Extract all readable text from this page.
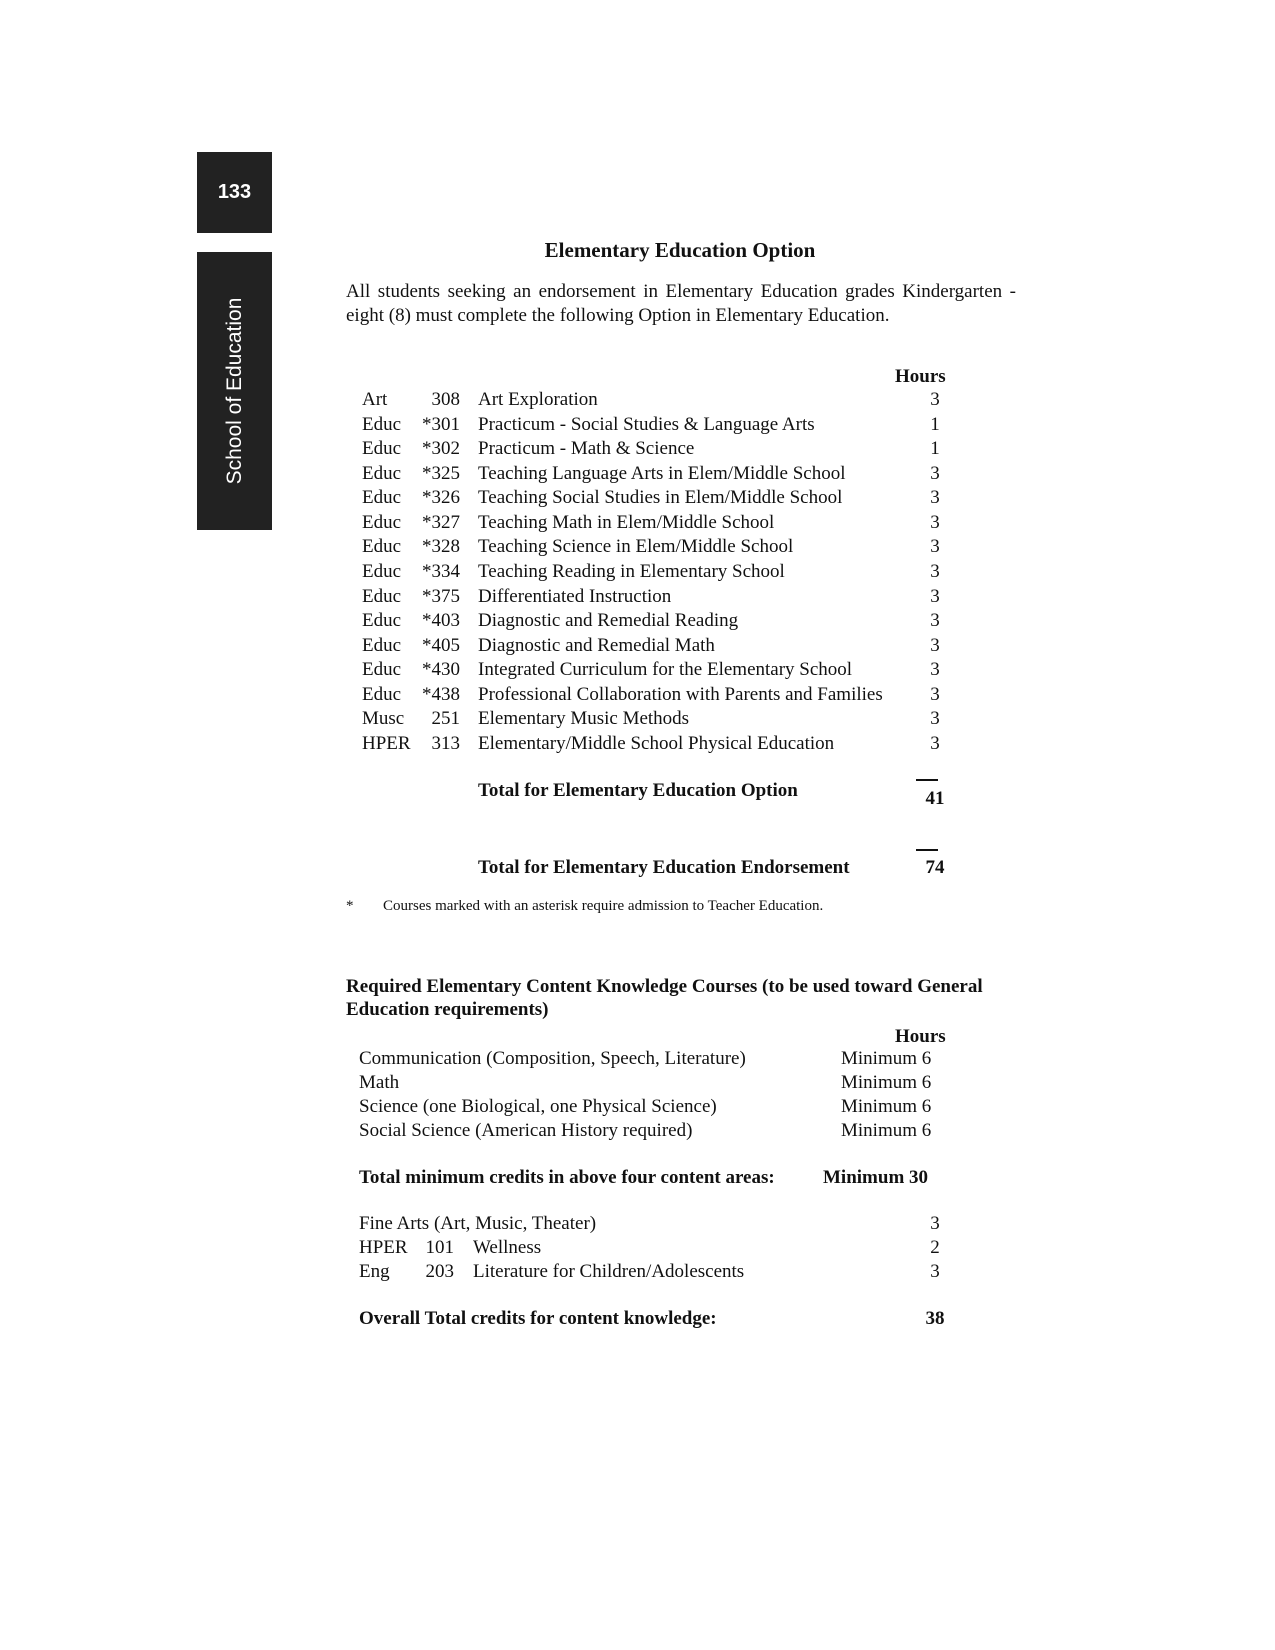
133
School of Education
Elementary Education Option
All students seeking an endorsement in Elementary Education grades Kindergarten - eight (8) must complete the following Option in Elementary Education.
Hours
Art	308 Art Exploration	3
Educ	*301 Practicum - Social Studies & Language Arts	1
Educ	*302 Practicum - Math & Science	1
Educ	*325 Teaching Language Arts in Elem/Middle School	3
Educ	*326 Teaching Social Studies in Elem/Middle School	3
Educ	*327 Teaching Math in Elem/Middle School	3
Educ	*328 Teaching Science in Elem/Middle School	3
Educ	*334 Teaching Reading in Elementary School	3
Educ	*375 Differentiated Instruction	3
Educ	*403 Diagnostic and Remedial Reading	3
Educ	*405 Diagnostic and Remedial Math	3
Educ	*430 Integrated Curriculum for the Elementary School	3
Educ	*438 Professional Collaboration with Parents and Families	3
Musc	251 Elementary Music Methods	3
HPER	313 Elementary/Middle School Physical Education	3
Total for Elementary Education Option	41
Total for Elementary Education Endorsement	74
* Courses marked with an asterisk require admission to Teacher Education.
Required Elementary Content Knowledge Courses (to be used toward General
Education requirements)
Hours
Communication (Composition, Speech, Literature)	Minimum 6
Math	Minimum 6
Science (one Biological, one Physical Science)	Minimum 6
Social Science (American History required)	Minimum 6
Total minimum credits in above four content areas:	Minimum 30
Fine Arts (Art, Music, Theater)	3
HPER 101 Wellness	2
Eng	203 Literature for Children/Adolescents	3
Overall Total credits for content knowledge:	38
